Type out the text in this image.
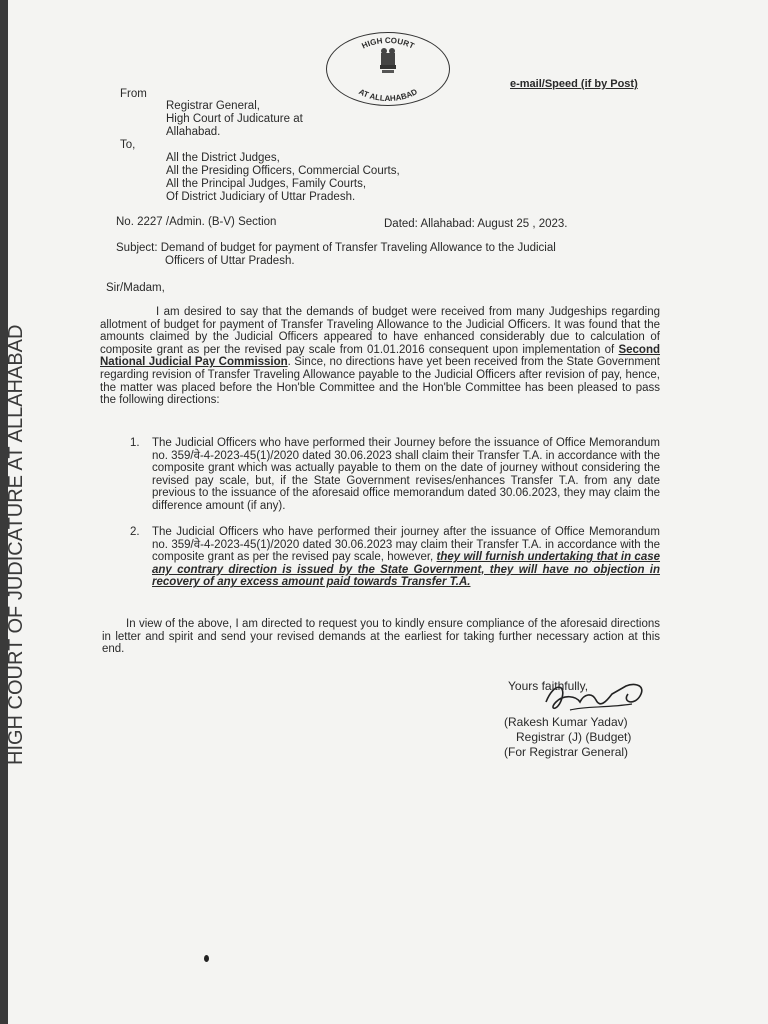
HIGH COURT OF JUDICATURE AT ALLAHABAD
HIGH COURT
AT ALLAHABAD
e-mail/Speed (if by Post)
From
Registrar General,
High Court of Judicature at
Allahabad.
To,
All the District Judges,
All the Presiding Officers, Commercial Courts,
All the Principal Judges, Family Courts,
Of District Judiciary of Uttar Pradesh.
No. 2227 /Admin. (B-V) Section	Dated: Allahabad: August 25 , 2023.
Subject: Demand of budget for payment of Transfer Traveling Allowance to the Judicial
Officers of Uttar Pradesh.
Sir/Madam,
I am desired to say that the demands of budget were received from many Judgeships regarding allotment of budget for payment of Transfer Traveling Allowance to the Judicial Officers. It was found that the amounts claimed by the Judicial Officers appeared to have enhanced considerably due to calculation of composite grant as per the revised pay scale from 01.01.2016 consequent upon implementation of Second National Judicial Pay Commission. Since, no directions have yet been received from the State Government regarding revision of Transfer Traveling Allowance payable to the Judicial Officers after revision of pay, hence, the matter was placed before the Hon'ble Committee and the Hon'ble Committee has been pleased to pass the following directions:
1. The Judicial Officers who have performed their Journey before the issuance of Office Memorandum no. 359/वे-4-2023-45(1)/2020 dated 30.06.2023 shall claim their Transfer T.A. in accordance with the composite grant which was actually payable to them on the date of journey without considering the revised pay scale, but, if the State Government revises/enhances Transfer T.A. from any date previous to the issuance of the aforesaid office memorandum dated 30.06.2023, they may claim the difference amount (if any).
2. The Judicial Officers who have performed their journey after the issuance of Office Memorandum no. 359/वे-4-2023-45(1)/2020 dated 30.06.2023 may claim their Transfer T.A. in accordance with the composite grant as per the revised pay scale, however, they will furnish undertaking that in case any contrary direction is issued by the State Government, they will have no objection in recovery of any excess amount paid towards Transfer T.A.
In view of the above, I am directed to request you to kindly ensure compliance of the aforesaid directions in letter and spirit and send your revised demands at the earliest for taking further necessary action at this end.
Yours faithfully,
(Rakesh Kumar Yadav)
Registrar (J) (Budget)
(For Registrar General)
